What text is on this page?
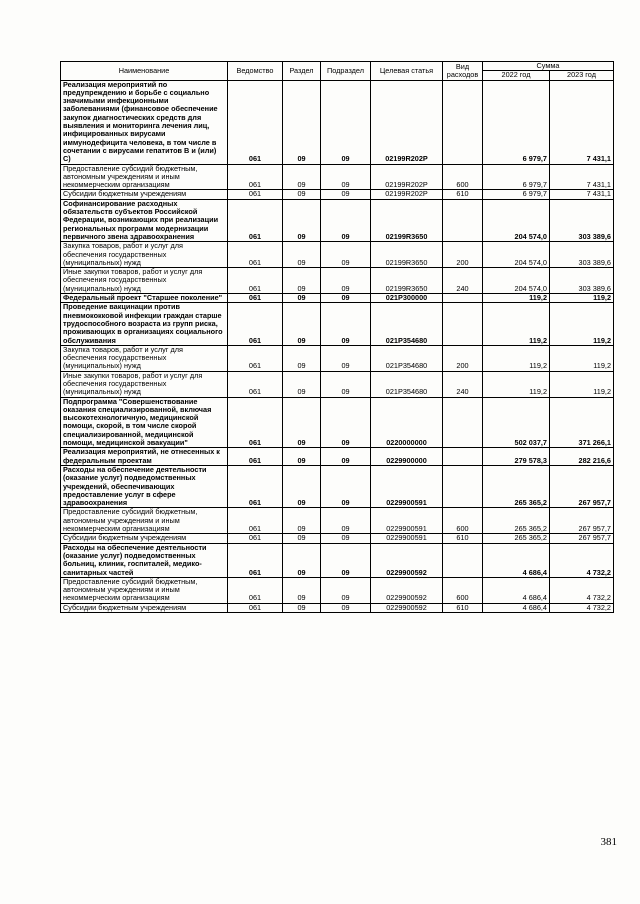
Наименование	Ведомство	Раздел	Подраздел	Целевая статья	Вид расходов	Сумма	
						2022 год	2023 год
Реализация мероприятий по предупреждению и борьбе с социально значимыми инфекционными заболеваниями (финансовое обеспечение закупок диагностических средств для выявления и мониторинга лечения лиц, инфицированных вирусами иммунодефицита человека, в том числе в сочетании с вирусами гепатитов В и (или) С)	061	09	09	02199R202P		6 979,7	7 431,1
Предоставление субсидий бюджетным, автономным учреждениям и иным некоммерческим организациям	061	09	09	02199R202P	600	6 979,7	7 431,1
Субсидии бюджетным учреждениям	061	09	09	02199R202P	610	6 979,7	7 431,1
Софинансирование расходных обязательств субъектов Российской Федерации, возникающих при реализации региональных программ модернизации первичного звена здравоохранения	061	09	09	02199R3650		204 574,0	303 389,6
Закупка товаров, работ и услуг для обеспечения государственных (муниципальных) нужд	061	09	09	02199R3650	200	204 574,0	303 389,6
Иные закупки товаров, работ и услуг для обеспечения государственных (муниципальных) нужд	061	09	09	02199R3650	240	204 574,0	303 389,6
Федеральный проект "Старшее поколение"	061	09	09	021P300000		119,2	119,2
Проведение вакцинации против пневмококковой инфекции граждан старше трудоспособного возраста из групп риска, проживающих в организациях социального обслуживания	061	09	09	021P354680		119,2	119,2
Закупка товаров, работ и услуг для обеспечения государственных (муниципальных) нужд	061	09	09	021P354680	200	119,2	119,2
Иные закупки товаров, работ и услуг для обеспечения государственных (муниципальных) нужд	061	09	09	021P354680	240	119,2	119,2
Подпрограмма "Совершенствование оказания специализированной, включая высокотехнологичную, медицинской помощи, скорой, в том числе скорой специализированной, медицинской помощи, медицинской эвакуации"	061	09	09	0220000000		502 037,7	371 266,1
Реализация мероприятий, не отнесенных к федеральным проектам	061	09	09	0229900000		279 578,3	282 216,6
Расходы на обеспечение деятельности (оказание услуг) подведомственных учреждений, обеспечивающих предоставление услуг в сфере здравоохранения	061	09	09	0229900591		265 365,2	267 957,7
Предоставление субсидий бюджетным, автономным учреждениям и иным некоммерческим организациям	061	09	09	0229900591	600	265 365,2	267 957,7
Субсидии бюджетным учреждениям	061	09	09	0229900591	610	265 365,2	267 957,7
Расходы на обеспечение деятельности (оказание услуг) подведомственных больниц, клиник, госпиталей, медико-санитарных частей	061	09	09	0229900592		4 686,4	4 732,2
Предоставление субсидий бюджетным, автономным учреждениям и иным некоммерческим организациям	061	09	09	0229900592	600	4 686,4	4 732,2
Субсидии бюджетным учреждениям	061	09	09	0229900592	610	4 686,4	4 732,2
381
